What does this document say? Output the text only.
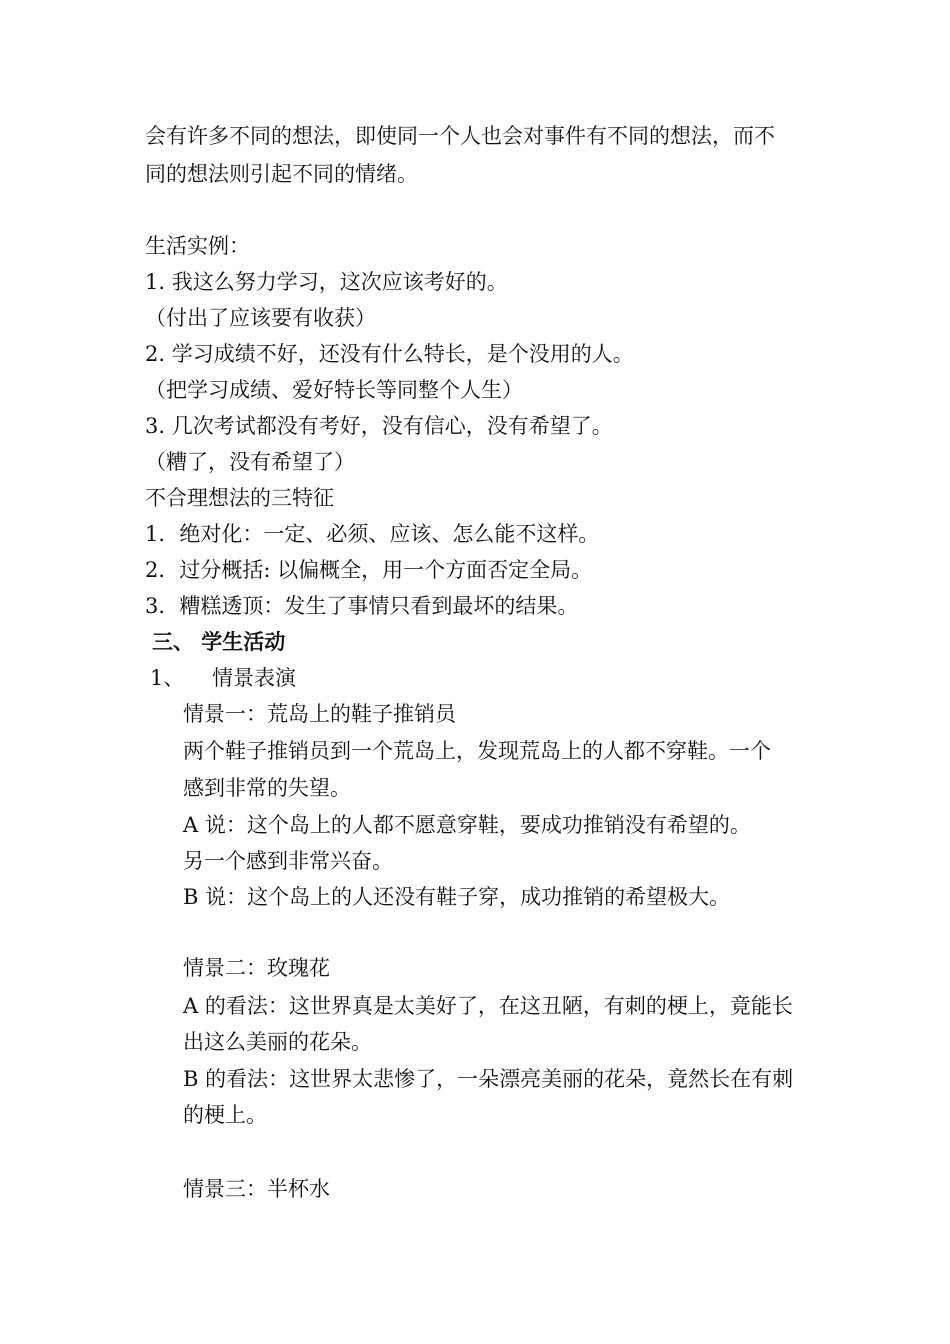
会有许多不同的想法，即使同一个人也会对事件有不同的想法，而不
同的想法则引起不同的情绪。
生活实例：
1. 我这么努力学习，这次应该考好的。
（付出了应该要有收获）
2. 学习成绩不好，还没有什么特长，是个没用的人。
（把学习成绩、爱好特长等同整个人生）
3. 几次考试都没有考好，没有信心，没有希望了。
（糟了，没有希望了）
不合理想法的三特征
1．绝对化：一定、必须、应该、怎么能不这样。
2．过分概括: 以偏概全，用一个方面否定全局。
3．糟糕透顶：发生了事情只看到最坏的结果。
三、 学生活动
1、 情景表演
情景一：荒岛上的鞋子推销员
两个鞋子推销员到一个荒岛上，发现荒岛上的人都不穿鞋。一个
感到非常的失望。
A 说：这个岛上的人都不愿意穿鞋，要成功推销没有希望的。
另一个感到非常兴奋。
B 说：这个岛上的人还没有鞋子穿，成功推销的希望极大。
情景二：玫瑰花
A 的看法：这世界真是太美好了，在这丑陋，有刺的梗上，竟能长
出这么美丽的花朵。
B 的看法：这世界太悲惨了，一朵漂亮美丽的花朵，竟然长在有刺
的梗上。
情景三：半杯水
